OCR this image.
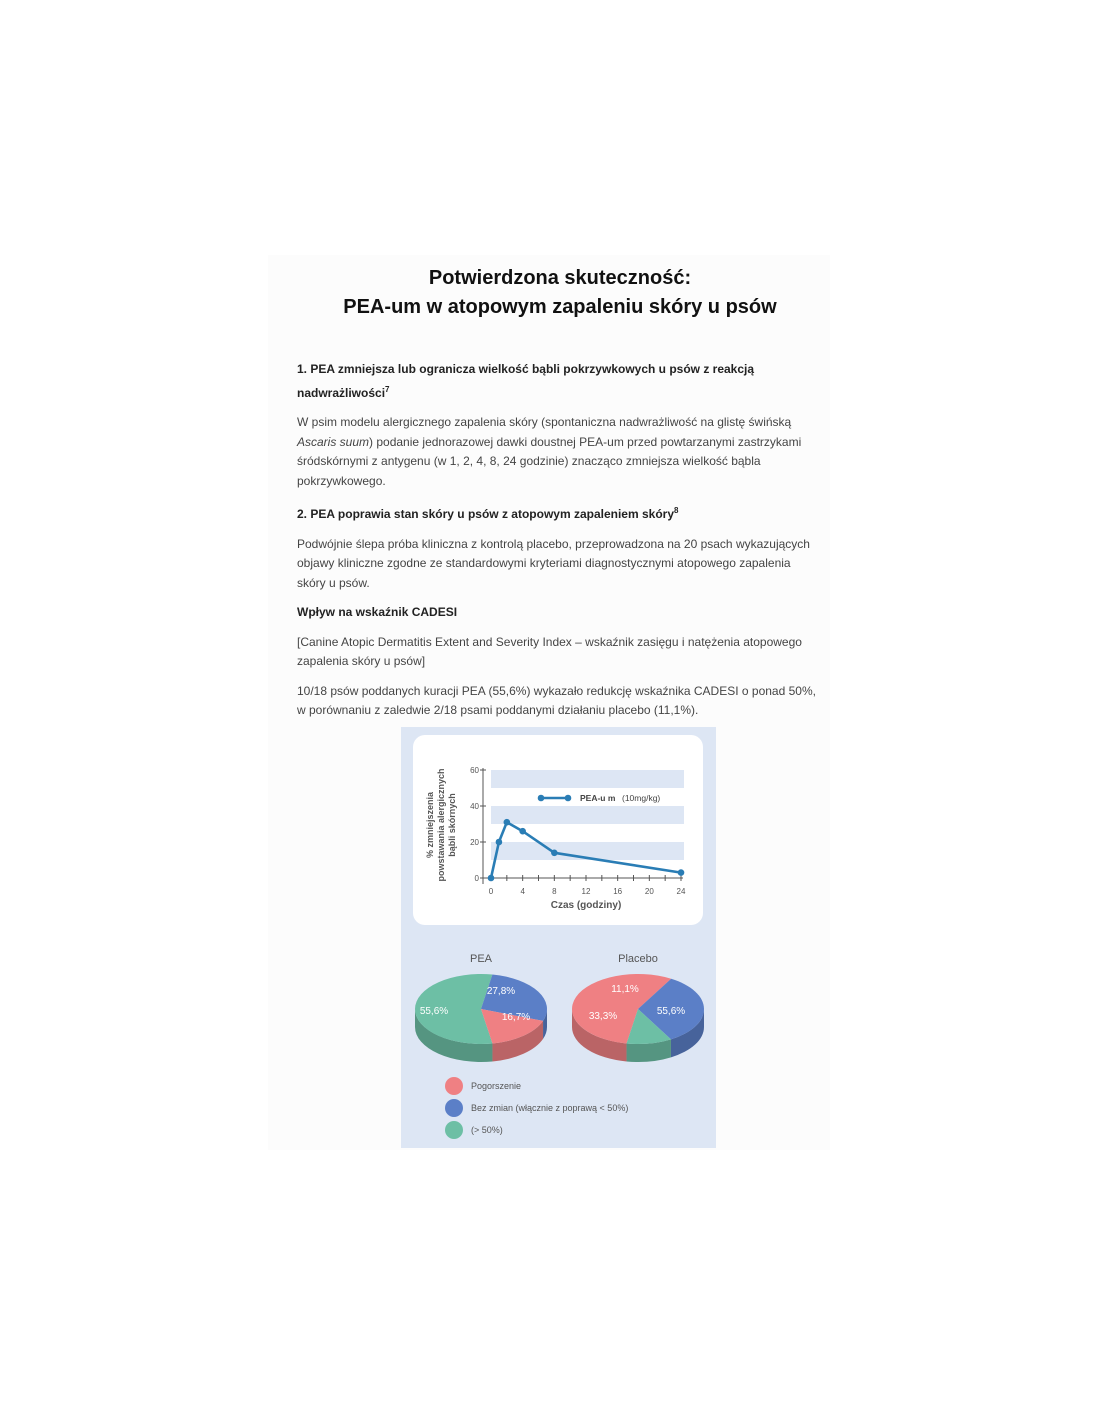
Potwierdzona skuteczność:
PEA-um w atopowym zapaleniu skóry u psów

1. PEA zmniejsza lub ogranicza wielkość bąbli pokrzywkowych u psów z reakcją nadwrażliwości$^7$

W psim modelu alergicznego zapalenia skóry (spontaniczna nadwrażliwość na glistę świńską Ascaris suum) podanie jednorazowej dawki doustnej PEA-um przed powtarzanymi zastrzykami śródskórnymi z antygenu (w 1, 2, 4, 8, 24 godzinie) znacząco zmniejsza wielkość bąbla pokrzywkowego.

2. PEA poprawia stan skóry u psów z atopowym zapaleniem skóry$^8$

Podwójnie ślepa próba kliniczna z kontrolą placebo, przeprowadzona na 20 psach wykazujących objawy kliniczne zgodne ze standardowymi kryteriami diagnostycznymi atopowego zapalenia skóry u psów.

Wpływ na wskaźnik CADESI

[Canine Atopic Dermatitis Extent and Severity Index – wskaźnik zasięgu i natężenia atopowego zapalenia skóry u psów]

10/18 psów poddanych kuracji PEA (55,6%) wykazało redukcję wskaźnika CADESI o ponad 50%, w porównaniu z zaledwie 2/18 psami poddanymi działaniu placebo (11,1%).

0
20
40
60
0	4	8	12	16	20	24
Czas (godziny)
% zmniejszenia powstawania alergicznych bąbli skórnych	PEA-u m (10mg/kg)
PEA
55,6%
27,8%
16,7%
Placebo
55,6%
33,3%
11,1%
Pogorszenie
Bez zmian (włącznie z poprawą < 50%)
(> 50%)
